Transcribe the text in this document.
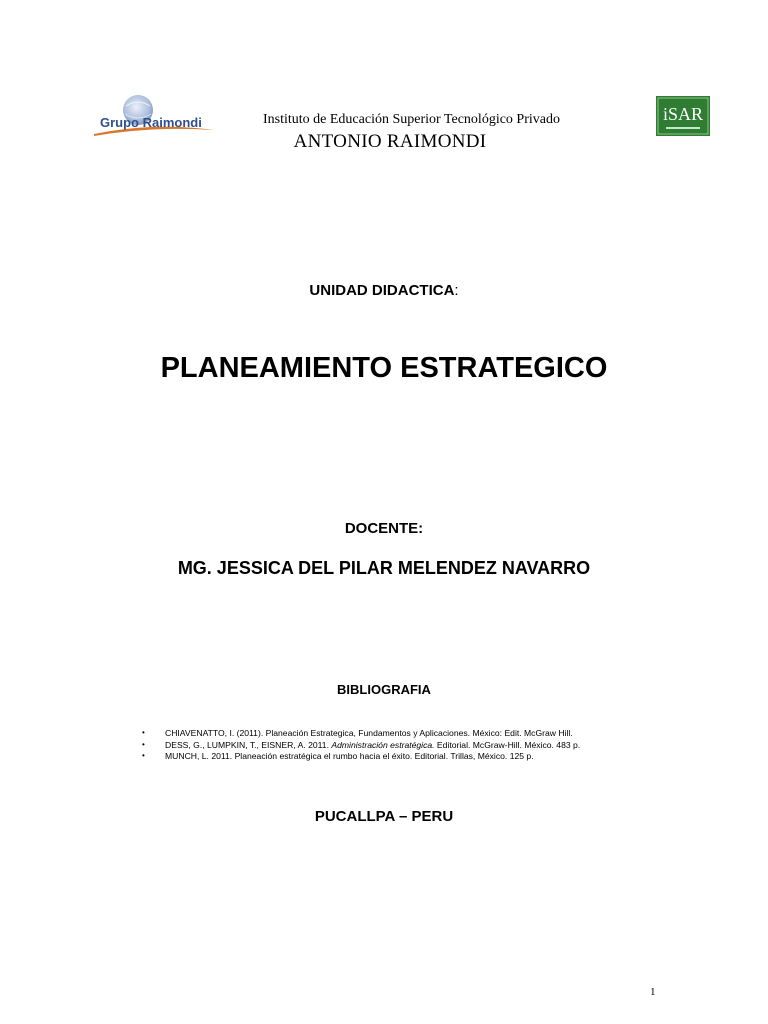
Grupo Raimondi	iSAR
Instituto de Educación Superior Tecnológico Privado
ANTONIO RAIMONDI
UNIDAD DIDACTICA:
PLANEAMIENTO ESTRATEGICO
DOCENTE:
MG. JESSICA DEL PILAR MELENDEZ NAVARRO
BIBLIOGRAFIA
• CHIAVENATTO, I. (2011). Planeación Estrategica, Fundamentos y Aplicaciones. México: Edit. McGraw Hill.
• DESS, G., LUMPKIN, T., EISNER, A. 2011. Administración estratégica. Editorial. McGraw-Hill. México. 483 p.
• MUNCH, L. 2011. Planeación estratégica el rumbo hacia el éxito. Editorial. Trillas, México. 125 p.
PUCALLPA – PERU
1
